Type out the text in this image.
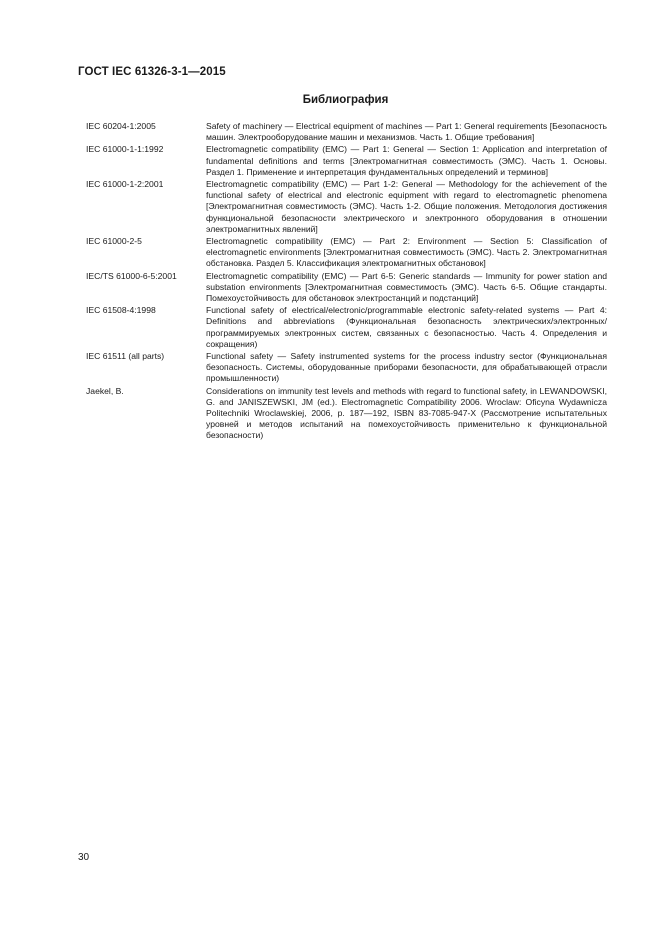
ГОСТ IEC 61326-3-1—2015
Библиография
IEC 60204-1:2005	Safety of machinery — Electrical equipment of machines — Part 1: General requirements [Безопасность машин. Электрооборудование машин и механизмов. Часть 1. Общие требования]
IEC 61000-1-1:1992	Electromagnetic compatibility (EMC) — Part 1: General — Section 1: Application and interpretation of fundamental definitions and terms [Электромагнитная совместимость (ЭМС). Часть 1. Основы. Раздел 1. Применение и интерпретация фундаментальных определений и терминов]
IEC 61000-1-2:2001	Electromagnetic compatibility (EMC) — Part 1-2: General — Methodology for the achievement of the functional safety of electrical and electronic equipment with regard to electromagnetic phenomena [Электромагнитная совместимость (ЭМС). Часть 1-2. Общие положения. Методология достижения функциональной безопасности электрического и электронного оборудования в отношении электромагнитных явлений]
IEC 61000-2-5	Electromagnetic compatibility (EMC) — Part 2: Environment — Section 5: Classification of electromagnetic environments [Электромагнитная совместимость (ЭМС). Часть 2. Электромагнитная обстановка. Раздел 5. Классификация электромагнитных обстановок]
IEC/TS 61000-6-5:2001	Electromagnetic compatibility (EMC) — Part 6-5: Generic standards — Immunity for power station and substation environments [Электромагнитная совместимость (ЭМС). Часть 6-5. Общие стандарты. Помехоустойчивость для обстановок электростанций и подстанций]
IEC 61508-4:1998	Functional safety of electrical/electronic/programmable electronic safety-related systems — Part 4: Definitions and abbreviations (Функциональная безопасность электрических/электронных/программируемых электронных систем, связанных с безопасностью. Часть 4. Определения и сокращения)
IEC 61511 (all parts)	Functional safety — Safety instrumented systems for the process industry sector (Функциональная безопасность. Системы, оборудованные приборами безопасности, для обрабатывающей отрасли промышленности)
Jaekel, B.	Considerations on immunity test levels and methods with regard to functional safety, in LEWANDOWSKI, G. and JANISZEWSKI, JM (ed.). Electromagnetic Compatibility 2006. Wroclaw: Oficyna Wydawnicza Politechniki Wroclawskiej, 2006, p. 187—192, ISBN 83-7085-947-X (Рассмотрение испытательных уровней и методов испытаний на помехоустойчивость применительно к функциональной безопасности)
30
